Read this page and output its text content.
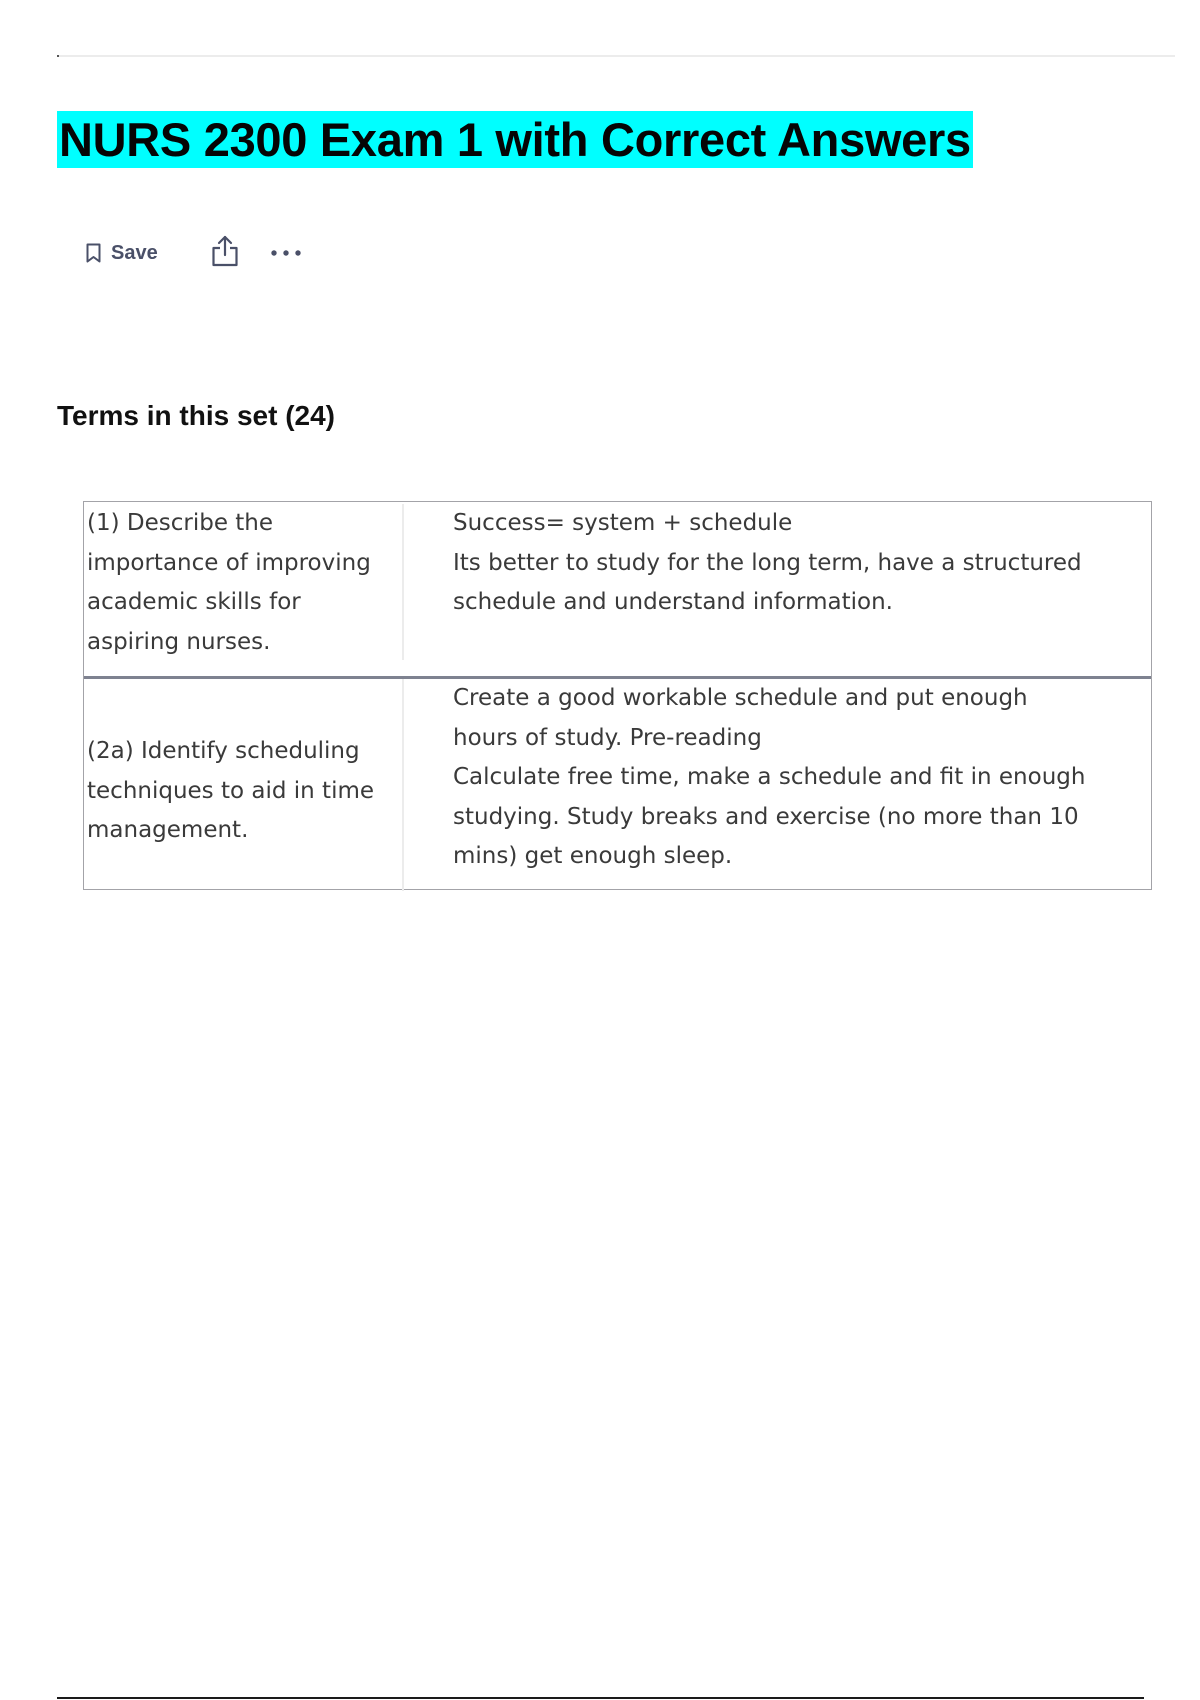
NURS 2300 Exam 1 with Correct Answers
Save
Terms in this set (24)
(1) Describe the importance of improving academic skills for aspiring nurses.
Success= system + schedule
Its better to study for the long term, have a structured schedule and understand information.
(2a) Identify scheduling techniques to aid in time management.
Create a good workable schedule and put enough hours of study. Pre-reading
Calculate free time, make a schedule and fit in enough studying. Study breaks and exercise (no more than 10 mins) get enough sleep.
